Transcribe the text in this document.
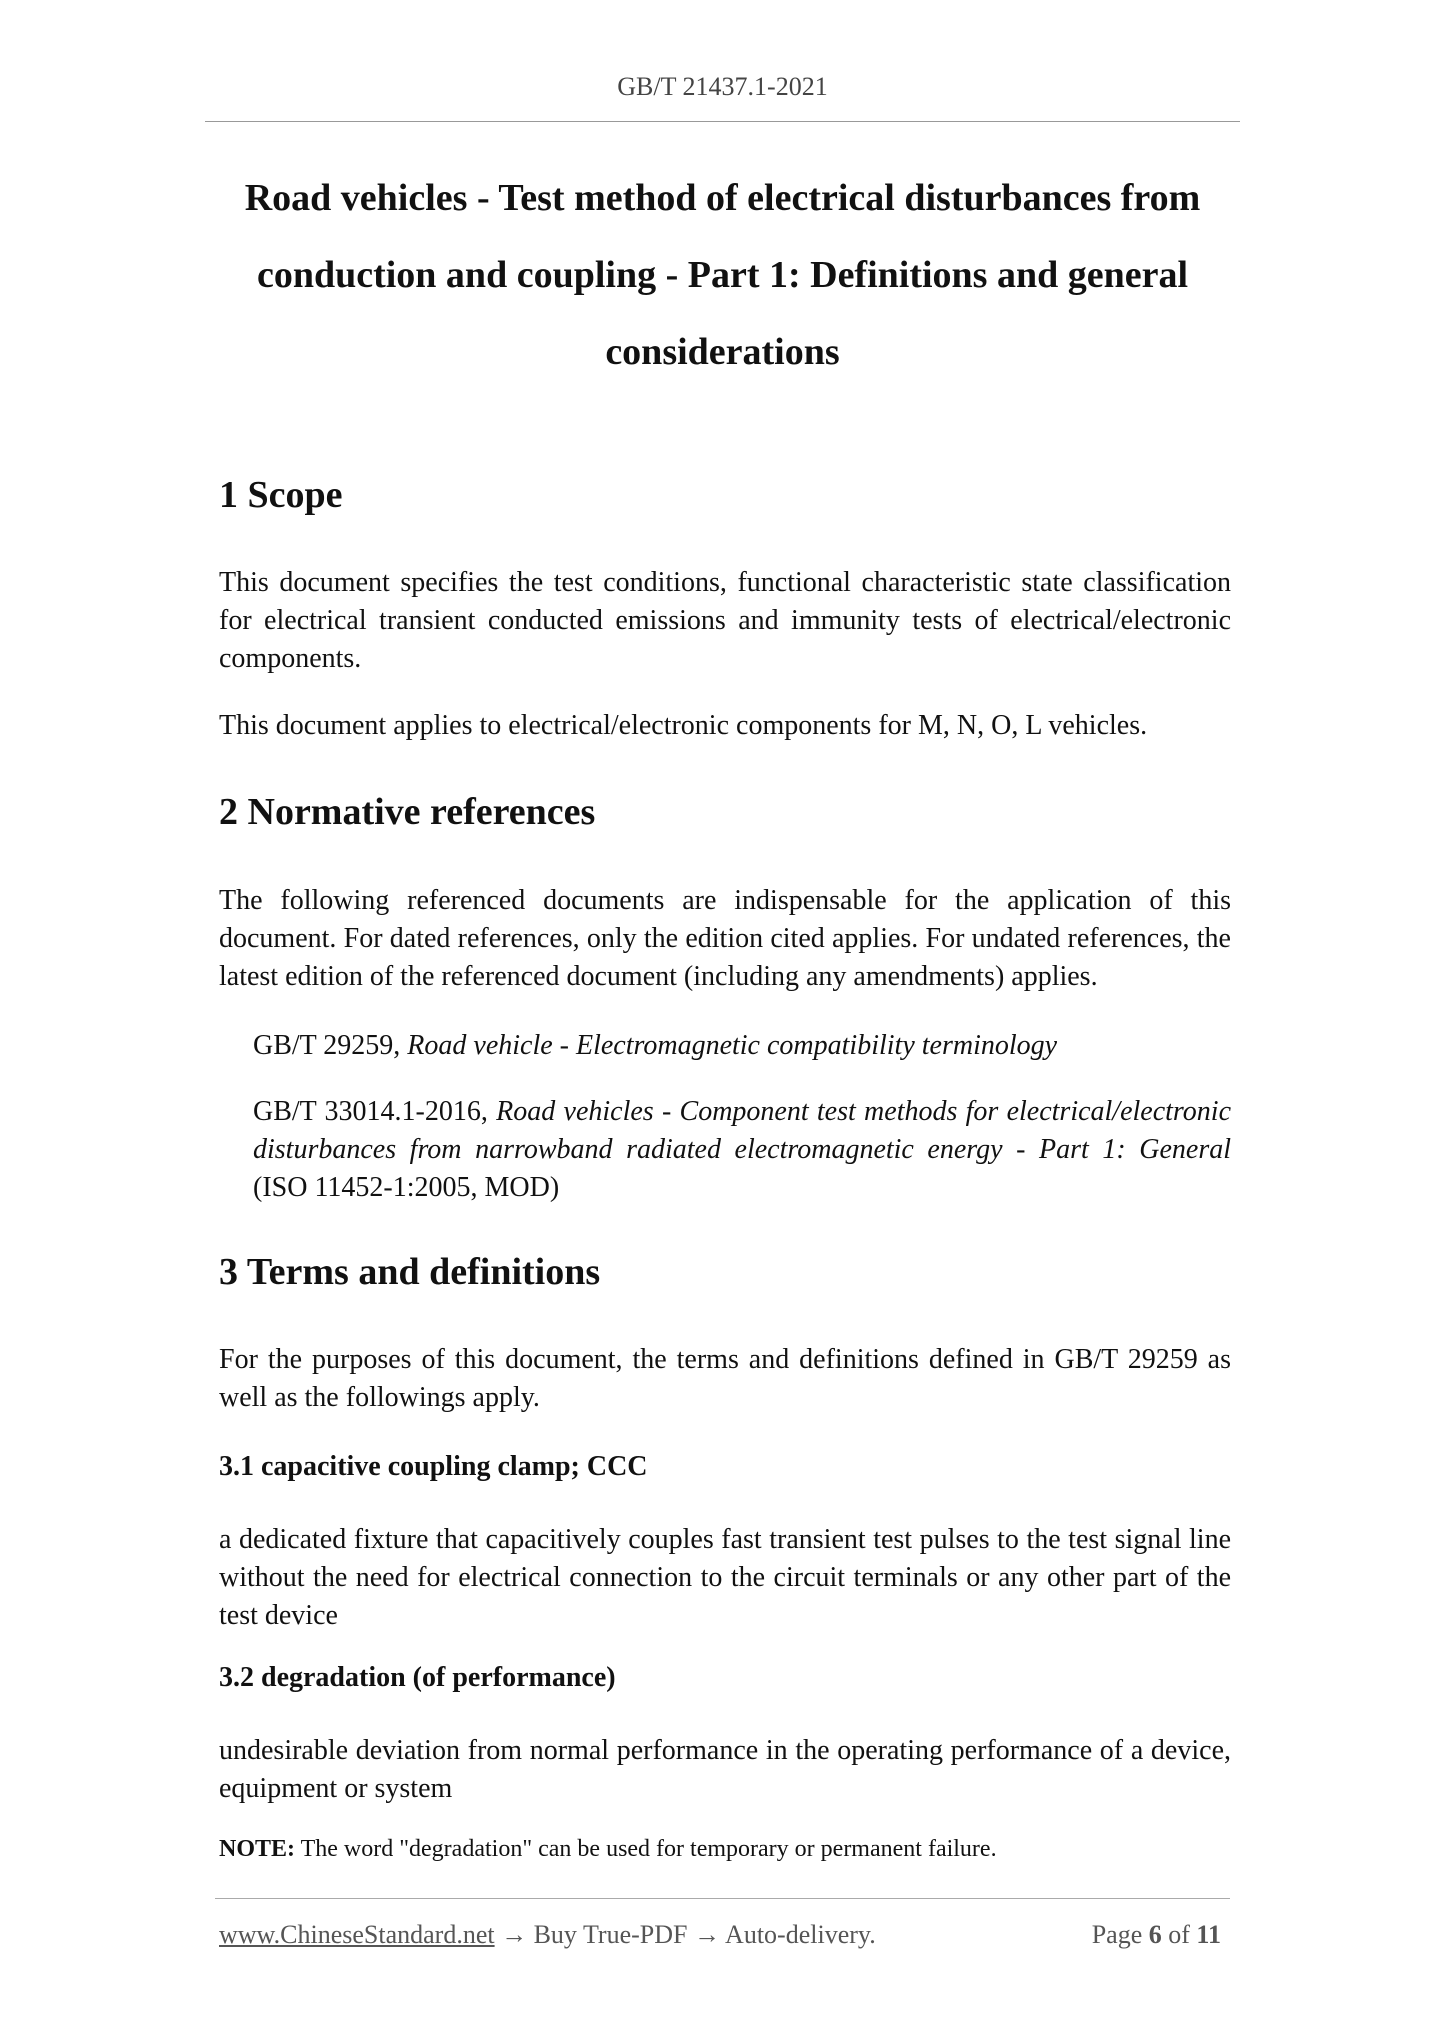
GB/T 21437.1-2021
Road vehicles - Test method of electrical disturbances from
conduction and coupling - Part 1: Definitions and general
considerations
1 Scope
This document specifies the test conditions, functional characteristic state classification for electrical transient conducted emissions and immunity tests of electrical/electronic components.
This document applies to electrical/electronic components for M, N, O, L vehicles.
2 Normative references
The following referenced documents are indispensable for the application of this document. For dated references, only the edition cited applies. For undated references, the latest edition of the referenced document (including any amendments) applies.
GB/T 29259, Road vehicle - Electromagnetic compatibility terminology
GB/T 33014.1-2016, Road vehicles - Component test methods for electrical/electronic disturbances from narrowband radiated electromagnetic energy - Part 1: General (ISO 11452-1:2005, MOD)
3 Terms and definitions
For the purposes of this document, the terms and definitions defined in GB/T 29259 as well as the followings apply.
3.1 capacitive coupling clamp; CCC
a dedicated fixture that capacitively couples fast transient test pulses to the test signal line without the need for electrical connection to the circuit terminals or any other part of the test device
3.2 degradation (of performance)
undesirable deviation from normal performance in the operating performance of a device, equipment or system
NOTE: The word "degradation" can be used for temporary or permanent failure.
www.ChineseStandard.net → Buy True-PDF → Auto-delivery.	Page 6 of 11
